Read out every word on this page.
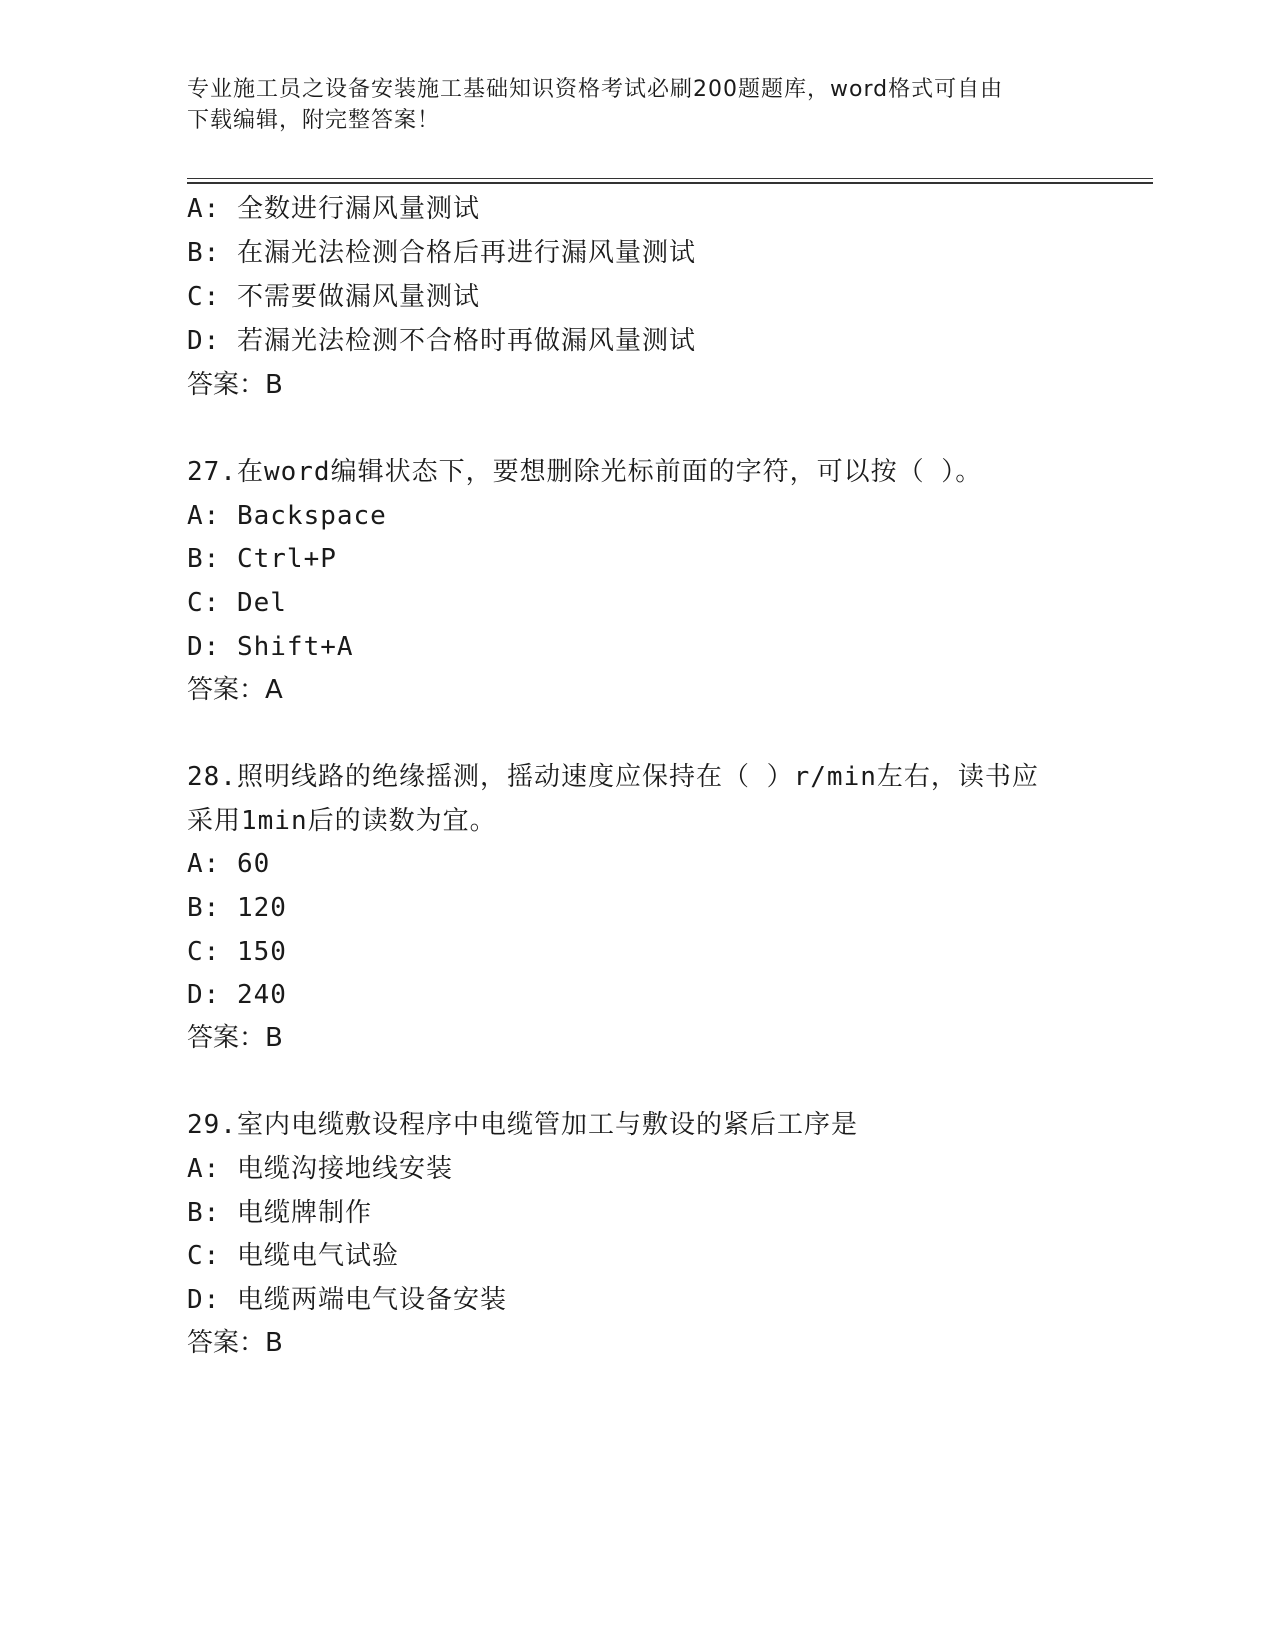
专业施工员之设备安装施工基础知识资格考试必刷200题题库，word格式可自由
下载编辑，附完整答案！
A: 全数进行漏风量测试
B: 在漏光法检测合格后再进行漏风量测试
C: 不需要做漏风量测试
D: 若漏光法检测不合格时再做漏风量测试
答案：B
27.在word编辑状态下，要想删除光标前面的字符，可以按（ ）。
A: Backspace
B: Ctrl+P
C: Del
D: Shift+A
答案：A
28.照明线路的绝缘摇测，摇动速度应保持在（ ）r/min左右，读书应
采用1min后的读数为宜。
A: 60
B: 120
C: 150
D: 240
答案：B
29.室内电缆敷设程序中电缆管加工与敷设的紧后工序是
A: 电缆沟接地线安装
B: 电缆牌制作
C: 电缆电气试验
D: 电缆两端电气设备安装
答案：B
